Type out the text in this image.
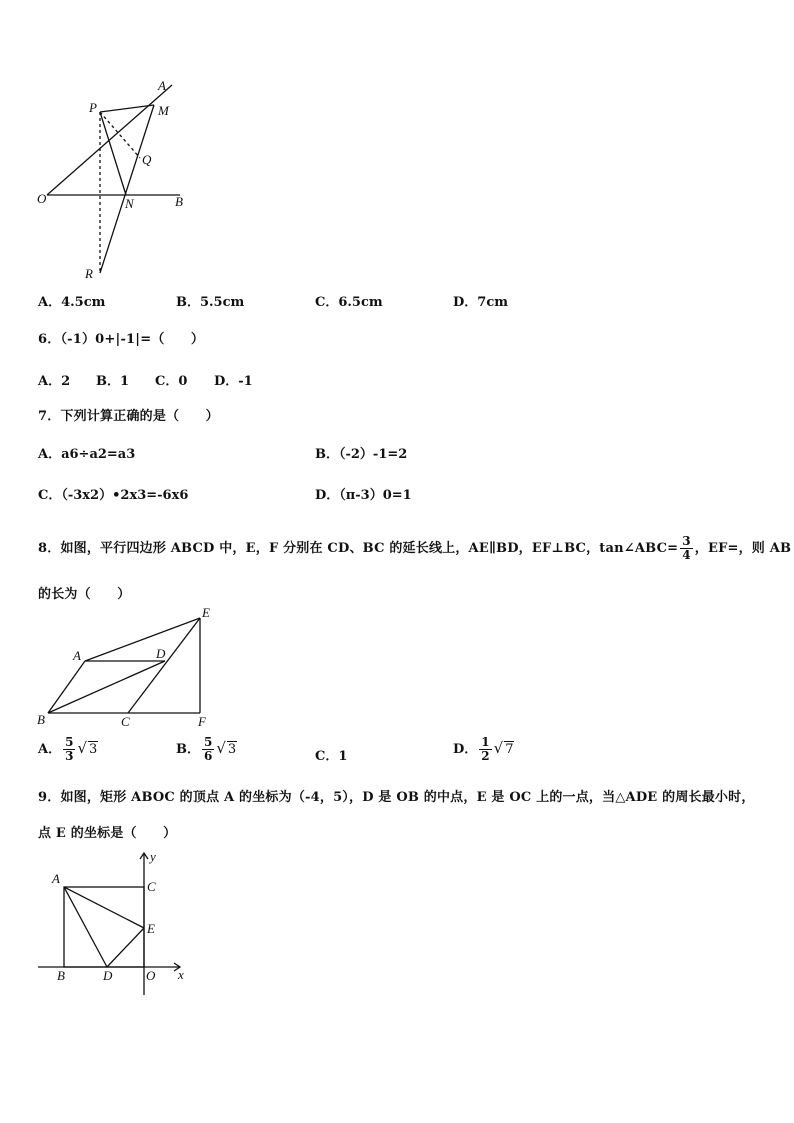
A
M
P
Q
O	N	B
R
A．4.5cm	B．5.5cm	C．6.5cm	D．7cm
6．（-1）0+|-1|=（　　）
A．2 B．1 C．0 D．-1
7．下列计算正确的是（　　）
A．a6÷a2=a3	B．（-2）-1=2
C．（-3x2）•2x3=-6x6	D．（π-3）0=1
8．如图，平行四边形 ABCD 中，E，F 分别在 CD、BC 的延长线上，AE∥BD，EF⊥BC，tan∠ABC= $\frac{3}{4}$ ，EF=，则 AB
的长为（　　）
A	D
E
B	C	F
A． $\frac{5}{3}$ √ 3	B． $\frac{5}{6}$ √ 3	C．1	D． $\frac{1}{2}$ √ 7
9．如图，矩形 ABOC 的顶点 A 的坐标为（-4，5），D 是 OB 的中点，E 是 OC 上的一点，当△ADE 的周长最小时，
点 E 的坐标是（　　）
y
A
C
E
B	D	O x
